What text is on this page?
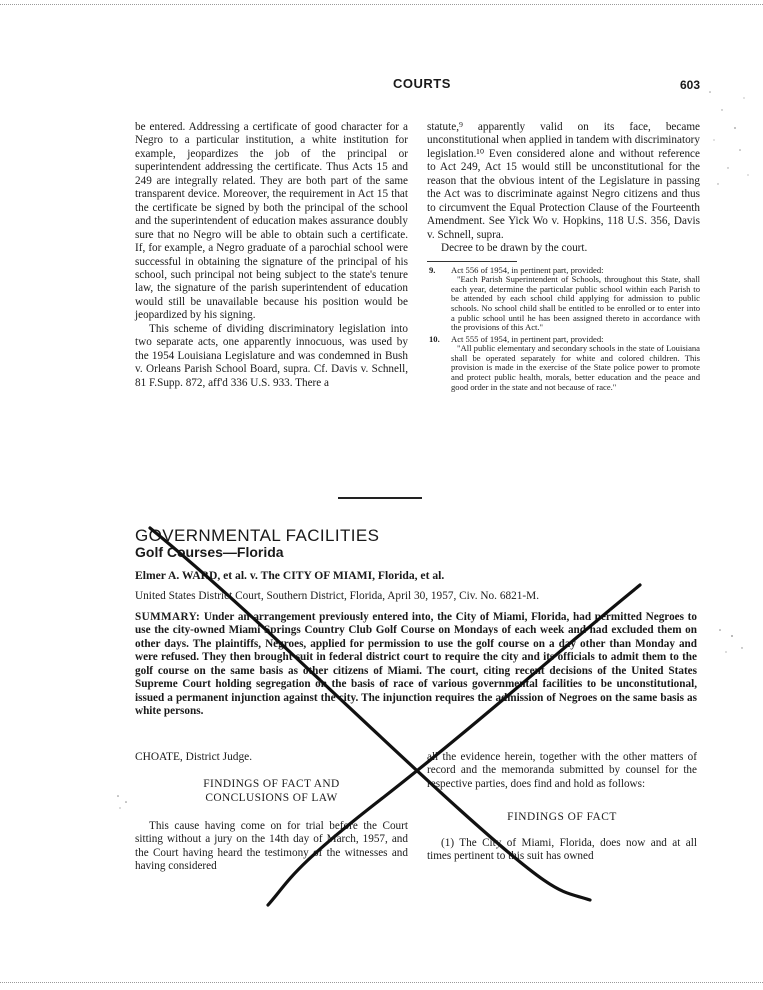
COURTS	603

be entered. Addressing a certificate of good character for a Negro to a particular institution, a white institution for example, jeopardizes the job of the principal or superintendent addressing the certificate. Thus Acts 15 and 249 are integrally related. They are both part of the same transparent device. Moreover, the requirement in Act 15 that the certificate be signed by both the principal of the school and the superintendent of education makes assurance doubly sure that no Negro will be able to obtain such a certificate. If, for example, a Negro graduate of a parochial school were successful in obtaining the signature of the principal of his school, such principal not being subject to the state's tenure law, the signature of the parish superintendent of education would still be unavailable because his position would be jeopardized by his signing.

This scheme of dividing discriminatory legislation into two separate acts, one apparently innocuous, was used by the 1954 Louisiana Legislature and was condemned in Bush v. Orleans Parish School Board, supra. Cf. Davis v. Schnell, 81 F.Supp. 872, aff'd 336 U.S. 933. There a

statute,⁹ apparently valid on its face, became unconstitutional when applied in tandem with discriminatory legislation.¹⁰ Even considered alone and without reference to Act 249, Act 15 would still be unconstitutional for the reason that the obvious intent of the Legislature in passing the Act was to discriminate against Negro citizens and thus to circumvent the Equal Protection Clause of the Fourteenth Amendment. See Yick Wo v. Hopkins, 118 U.S. 356, Davis v. Schnell, supra.

Decree to be drawn by the court.

9. Act 556 of 1954, in pertinent part, provided:
"Each Parish Superintendent of Schools, throughout this State, shall each year, determine the particular public school within each Parish to be attended by each school child applying for admission to public schools. No school child shall be entitled to be enrolled or to enter into a public school until he has been assigned thereto in accordance with the provisions of this Act."
10. Act 555 of 1954, in pertinent part, provided:
"All public elementary and secondary schools in the state of Louisiana shall be operated separately for white and colored children. This provision is made in the exercise of the State police power to promote and protect public health, morals, better education and the peace and good order in the state and not because of race."
GOVERNMENTAL FACILITIES
Golf Courses—Florida
Elmer A. WARD, et al. v. The CITY OF MIAMI, Florida, et al.
United States District Court, Southern District, Florida, April 30, 1957, Civ. No. 6821-M.
SUMMARY: Under an arrangement previously entered into, the City of Miami, Florida, had permitted Negroes to use the city-owned Miami Springs Country Club Golf Course on Mondays of each week and had excluded them on other days. The plaintiffs, Negroes, applied for permission to use the golf course on a day other than Monday and were refused. They then brought suit in federal district court to require the city and its officials to admit them to the golf course on the same basis as other citizens of Miami. The court, citing recent decisions of the United States Supreme Court holding segregation on the basis of race of various governmental facilities to be unconstitutional, issued a permanent injunction against the city. The injunction requires the admission of Negroes on the same basis as white persons.

CHOATE, District Judge.

FINDINGS OF FACT AND
CONCLUSIONS OF LAW

This cause having come on for trial before the Court sitting without a jury on the 14th day of March, 1957, and the Court having heard the testimony of the witnesses and having considered

all the evidence herein, together with the other matters of record and the memoranda submitted by counsel for the respective parties, does find and hold as follows:

FINDINGS OF FACT

(1) The City of Miami, Florida, does now and at all times pertinent to this suit has owned
